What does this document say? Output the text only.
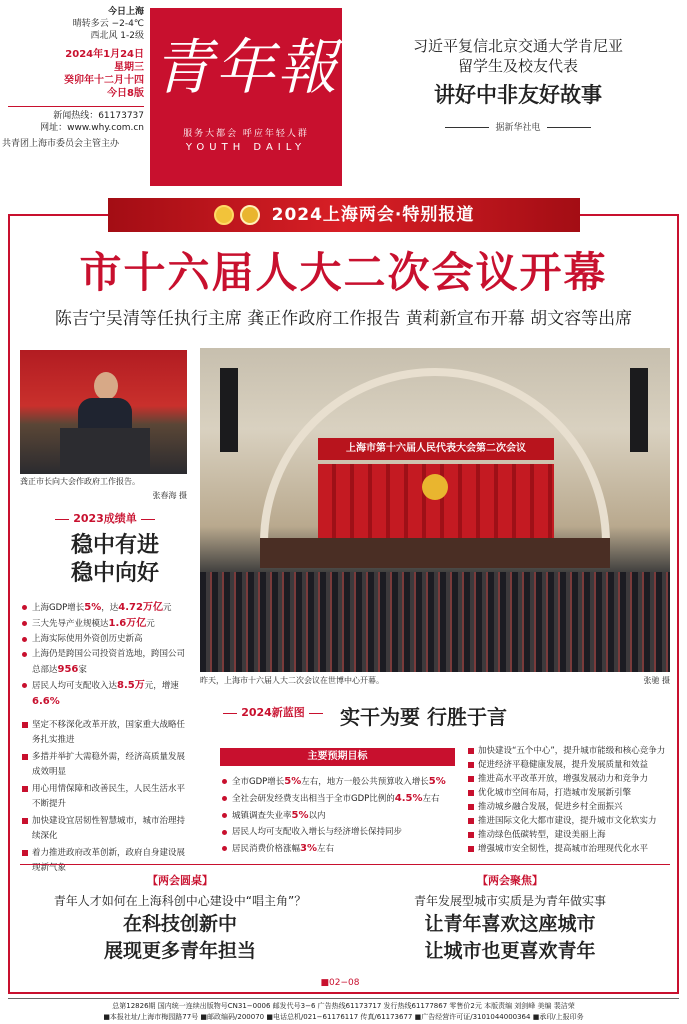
今日上海
晴转多云 −2-4℃
西北风 1-2级
2024年1月24日
星期三
癸卯年十二月十四
今日8版
新闻热线：61173737
网址：www.why.com.cn
共青团上海市委员会主管主办
青年報
服务大都会 呼应年轻人群
YOUTH DAILY
习近平复信北京交通大学肯尼亚
留学生及校友代表
讲好中非友好故事
据新华社电
2024上海两会·特别报道
市十六届人大二次会议开幕
陈吉宁吴清等任执行主席 龚正作政府工作报告 黄莉新宣布开幕 胡文容等出席
龚正市长向大会作政府工作报告。
张春海 摄
上海市第十六届人民代表大会第二次会议
昨天，上海市十六届人大二次会议在世博中心开幕。	张驰 摄
2023成绩单
稳中有进
稳中向好
上海GDP增长5%，达4.72万亿元
三大先导产业规模达1.6万亿元
上海实际使用外资创历史新高
上海仍是跨国公司投资首选地，跨国公司总部达956家
居民人均可支配收入达8.5万元，增速6.6%
坚定不移深化改革开放，国家重大战略任务扎实推进
多措并举扩大需稳外需，经济高质量发展成效明显
用心用情保障和改善民生，人民生活水平不断提升
加快建设宜居韧性智慧城市，城市治理持续深化
着力推进政府改革创新，政府自身建设展现新气象
2024新蓝图	实干为要 行胜于言
主要预期目标
全市GDP增长5%左右，地方一般公共预算收入增长5%
全社会研发经费支出相当于全市GDP比例的4.5%左右
城镇调查失业率5%以内
居民人均可支配收入增长与经济增长保持同步
居民消费价格涨幅3%左右
加快建设“五个中心”，提升城市能级和核心竞争力
促进经济平稳健康发展，提升发展质量和效益
推进高水平改革开放，增强发展动力和竞争力
优化城市空间布局，打造城市发展新引擎
推动城乡融合发展，促进乡村全面振兴
推进国际文化大都市建设，提升城市文化软实力
推动绿色低碳转型，建设美丽上海
增强城市安全韧性，提高城市治理现代化水平
【两会圆桌】
青年人才如何在上海科创中心建设中“唱主角”？
在科技创新中
展现更多青年担当
【两会聚焦】
青年发展型城市实质是为青年做实事
让青年喜欢这座城市
让城市也更喜欢青年
■02−08
总第12826期 国内统一连续出版物号CN31−0006 邮发代号3−6 广告热线61173717 发行热线61177867 零售价2元 本版责编 刘剑峰 美编 裴洁荣
■本报社址/上海市梅园路77号 ■邮政编码/200070 ■电话总机/021−61176117 传真/61173677 ■广告经营许可证/3101044000364 ■承印/上报印务
